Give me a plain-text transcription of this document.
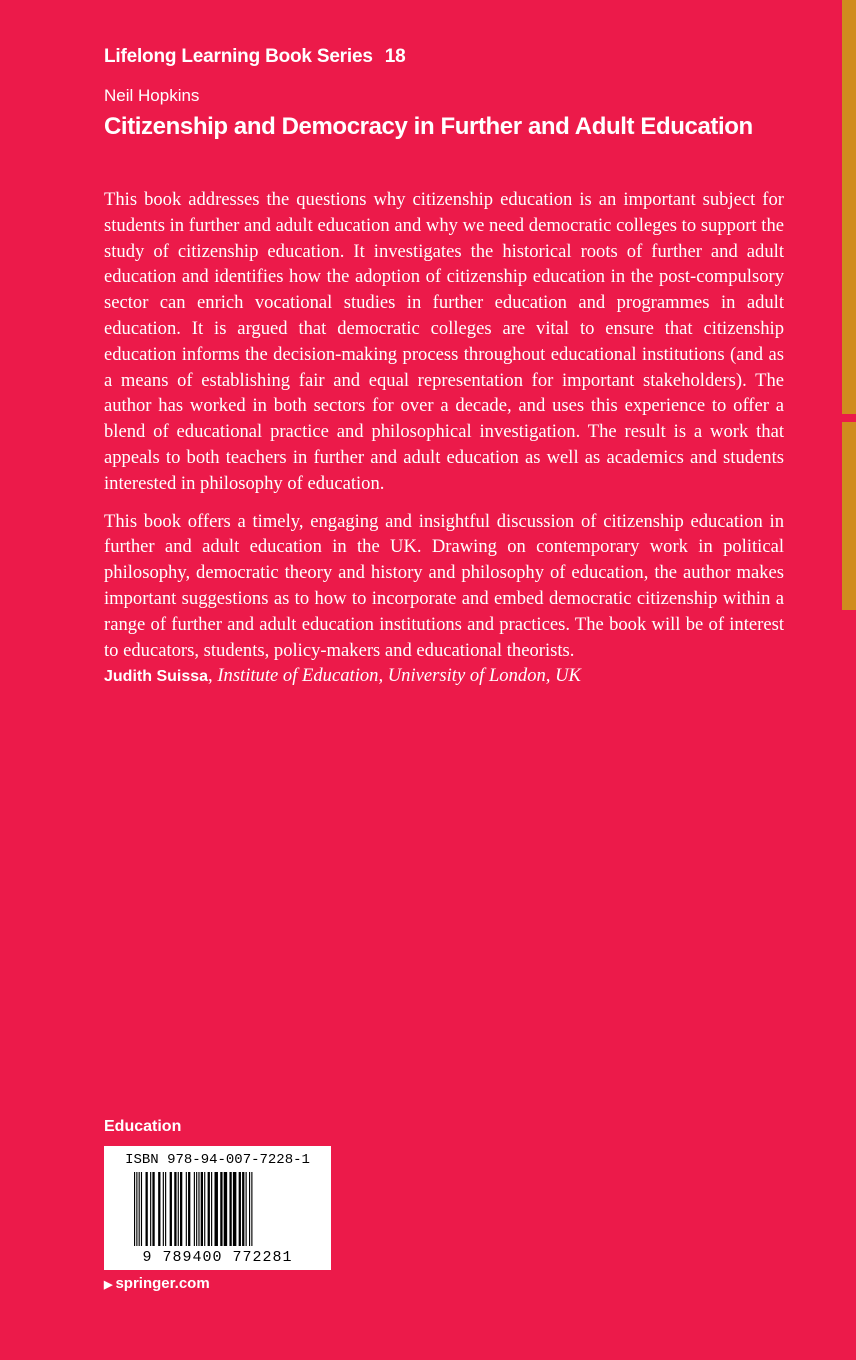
Lifelong Learning Book Series 18
Neil Hopkins
Citizenship and Democracy in Further and Adult Education

This book addresses the questions why citizenship education is an important subject for students in further and adult education and why we need democratic colleges to support the study of citizenship education. It investigates the historical roots of further and adult education and identifies how the adoption of citizenship education in the post-compulsory sector can enrich vocational studies in further education and programmes in adult education. It is argued that democratic colleges are vital to ensure that citizenship education informs the decision-making process throughout educational institutions (and as a means of establishing fair and equal representation for important stakeholders). The author has worked in both sectors for over a decade, and uses this experience to offer a blend of educational practice and philosophical investigation. The result is a work that appeals to both teachers in further and adult education as well as academics and students interested in philosophy of education.

This book offers a timely, engaging and insightful discussion of citizenship education in further and adult education in the UK. Drawing on contemporary work in political philosophy, democratic theory and history and philosophy of education, the author makes important suggestions as to how to incorporate and embed democratic citizenship within a range of further and adult education institutions and practices. The book will be of interest to educators, students, policy-makers and educational theorists.
Judith Suissa, Institute of Education, University of London, UK

Education
ISBN 978-94-007-7228-1
9 789400 772281
▶ springer.com
